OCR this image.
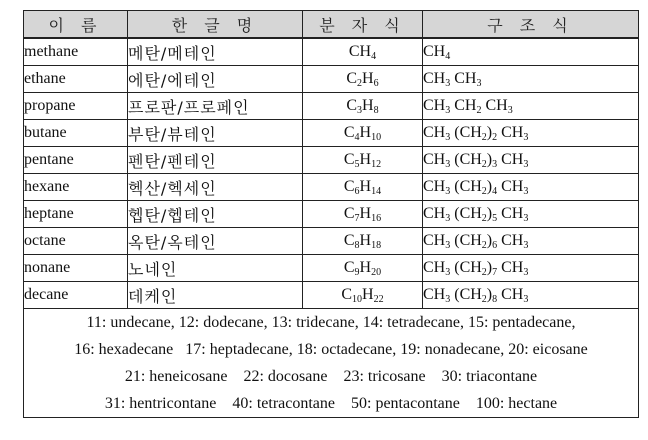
이 름	한 글 명	분 자 식	구 조 식
methane	메탄/메테인	$CH_4$	$CH_4$
ethane	에탄/에테인	$C_2H_6$	$CH_3$ $CH_3$
propane	프로판/프로페인	$C_3H_8$	$CH_3$ $CH_2$ $CH_3$
butane	부탄/뷰테인	$C_4H_{10}$	$CH_3$ $(CH_2)_2$ $CH_3$
pentane	펜탄/펜테인	$C_5H_{12}$	$CH_3$ $(CH_2)_3$ $CH_3$
hexane	헥산/헥세인	$C_6H_{14}$	$CH_3$ $(CH_2)_4$ $CH_3$
heptane	헵탄/헵테인	$C_7H_{16}$	$CH_3$ $(CH_2)_5$ $CH_3$
octane	옥탄/옥테인	$C_8H_{18}$	$CH_3$ $(CH_2)_6$ $CH_3$
nonane	노네인	$C_9H_{20}$	$CH_3$ $(CH_2)_7$ $CH_3$
decane	데케인	$C_{10}H_{22}$	$CH_3$ $(CH_2)_8$ $CH_3$

11: undecane, 12: dodecane, 13: tridecane, 14: tetradecane, 15: pentadecane,
16: hexadecane 17: heptadecane, 18: octadecane, 19: nonadecane, 20: eicosane
21: heneicosane 22: docosane 23: tricosane 30: triacontane
31: hentricontane 40: tetracontane 50: pentacontane 100: hectane			
